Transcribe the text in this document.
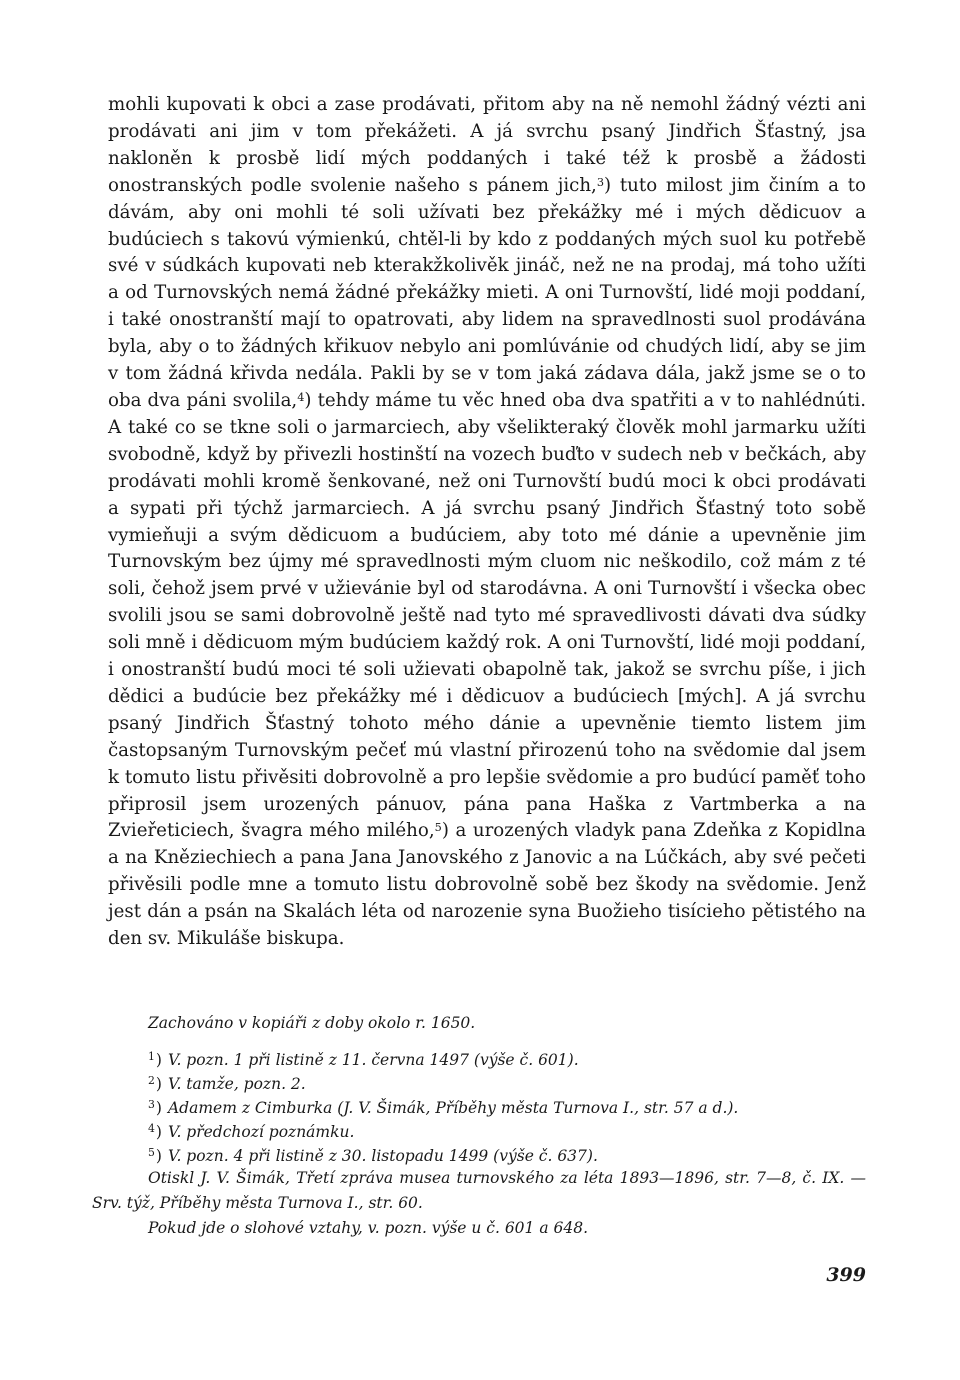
mohli kupovati k obci a zase prodávati, přitom aby na ně nemohl žádný vézti ani prodávati ani jim v tom překážeti. A já svrchu psaný Jindřich Šťastný, jsa nakloněn k prosbě lidí mých poddaných i také též k prosbě a žádosti onostranských podle svolenie našeho s pánem jich,$^3$) tuto milost jim činím a to dávám, aby oni mohli té soli užívati bez překážky mé i mých dědicuov a budúciech s takovú výmienkú, chtěl-li by kdo z poddaných mých suol ku potřebě své v súdkách kupovati neb kterakžkolivěk jináč, než ne na prodaj, má toho užíti a od Turnovských nemá žádné překážky mieti. A oni Turnovští, lidé moji poddaní, i také onostranští mají to opatrovati, aby lidem na spravedlnosti suol prodávána byla, aby o to žádných křikuov nebylo ani pomlúvánie od chudých lidí, aby se jim v tom žádná křivda nedála. Pakli by se v tom jaká zádava dála, jakž jsme se o to oba dva páni svolila,$^4$) tehdy máme tu věc hned oba dva spatřiti a v to nahlédnúti. A také co se tkne soli o jarmarciech, aby všelikteraký člověk mohl jarmarku užíti svobodně, když by přivezli hostinští na vozech buďto v sudech neb v bečkách, aby prodávati mohli kromě šenkované, než oni Turnovští budú moci k obci prodávati a sypati při týchž jarmarciech. A já svrchu psaný Jindřich Šťastný toto sobě vymieňuji a svým dědicuom a budúciem, aby toto mé dánie a upevněnie jim Turnovským bez újmy mé spravedlnosti mým cluom nic neškodilo, což mám z té soli, čehož jsem prvé v užievánie byl od starodávna. A oni Turnovští i všecka obec svolili jsou se sami dobrovolně ještě nad tyto mé spravedlivosti dávati dva súdky soli mně i dědicuom mým budúciem každý rok. A oni Turnovští, lidé moji poddaní, i onostranští budú moci té soli užievati obapolně tak, jakož se svrchu píše, i jich dědici a budúcie bez překážky mé i dědicuov a budúciech [mých]. A já svrchu psaný Jindřich Šťastný tohoto mého dánie a upevněnie tiemto listem jim častopsaným Turnovským pečeť mú vlastní přirozenú toho na svědomie dal jsem k tomuto listu přivěsiti dobrovolně a pro lepšie svědomie a pro budúcí paměť toho připrosil jsem urozených pánuov, pána pana Haška z Vartmberka a na Zvieřeticiech, švagra mého milého,$^5$) a urozených vladyk pana Zdeňka z Kopidlna a na Kněziechiech a pana Jana Janovského z Janovic a na Lúčkách, aby své pečeti přivěsili podle mne a tomuto listu dobrovolně sobě bez škody na svědomie. Jenž jest dán a psán na Skalách léta od narozenie syna Buožieho tisícieho pětistého na den sv. Mikuláše biskupa.

Zachováno v kopiáři z doby okolo r. 1650.

$^1$) V. pozn. 1 při listině z 11. června 1497 (výše č. 601).
$^2$) V. tamže, pozn. 2.
$^3$) Adamem z Cimburka (J. V. Šimák, Příběhy města Turnova I., str. 57 a d.).
$^4$) V. předchozí poznámku.
$^5$) V. pozn. 4 při listině z 30. listopadu 1499 (výše č. 637).

Otiskl J. V. Šimák, Třetí zpráva musea turnovského za léta 1893—1896, str. 7—8, č. IX. — Srv. týž, Příběhy města Turnova I., str. 60.

Pokud jde o slohové vztahy, v. pozn. výše u č. 601 a 648.

399
